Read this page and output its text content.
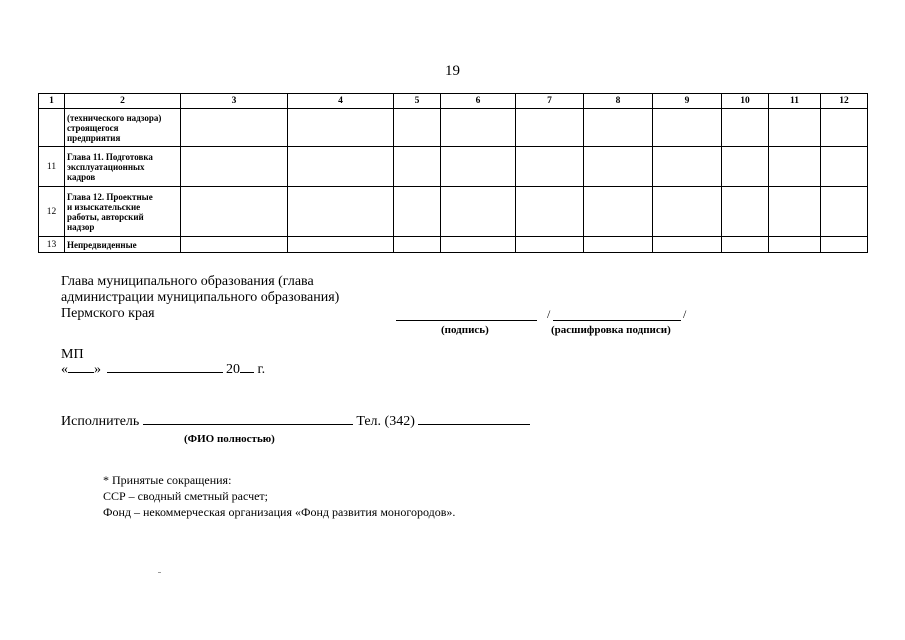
19
1	2	3	4	5	6	7	8	9	10	11	12

	(технического надзора)
строящегося
предприятия										

11	Глава 11. Подготовка
эксплуатационных
кадров										

12	Глава 12. Проектные
и изыскательские
работы, авторский
надзор										

13	Непредвиденные										

Глава муниципального образования (глава
администрации муниципального образования)
Пермского края	/	/
(подпись)	(расшифровка подписи)
МП
« »	20 г.
Исполнитель	Тел. (342)
(ФИО полностью)
* Принятые сокращения:
ССР – сводный сметный расчет;
Фонд – некоммерческая организация «Фонд развития моногородов».
